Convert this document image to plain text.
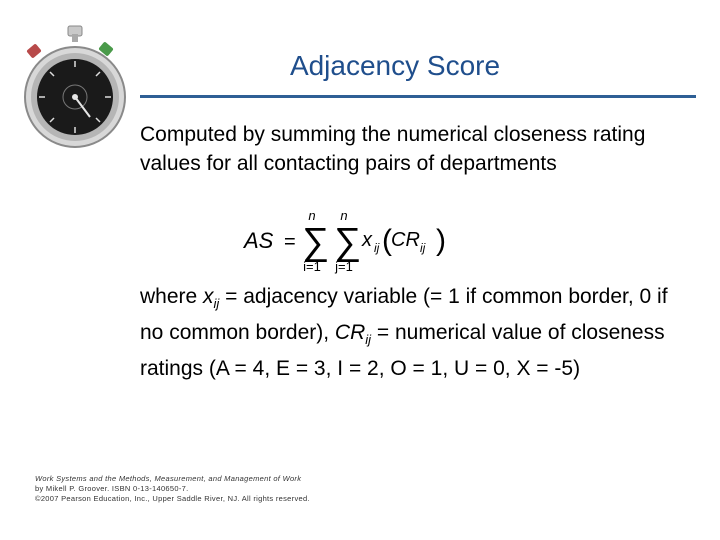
Adjacency Score
Computed by summing the numerical closeness rating values for all contacting pairs of departments
AS =
n
∑
i=1
n
∑
j=1
x ij ( CR ij )
where $x_{ij}$ = adjacency variable (= 1 if common border, 0 if no common border), $CR_{ij}$ = numerical value of closeness ratings (A = 4, E = 3, I = 2, O = 1, U = 0, X = -5)
Work Systems and the Methods, Measurement, and Management of Work
by Mikell P. Groover. ISBN 0-13-140650-7.
©2007 Pearson Education, Inc., Upper Saddle River, NJ. All rights reserved.
